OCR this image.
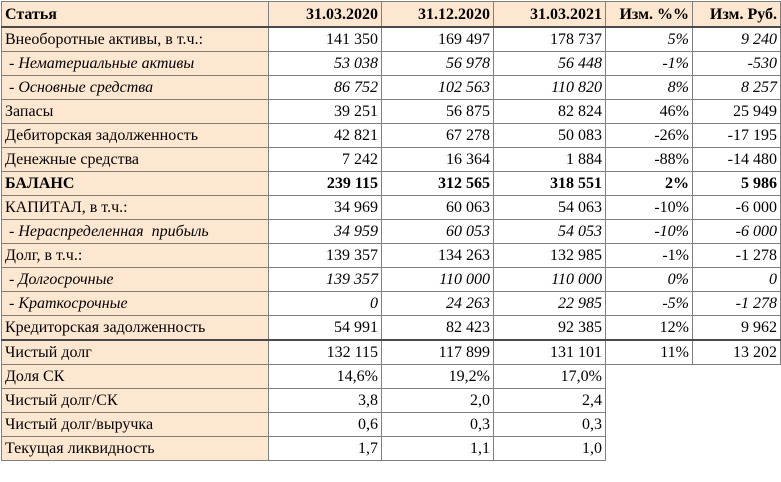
Статья	31.03.2020	31.12.2020	31.03.2021	Изм. %%	Изм. Руб.
Внеоборотные активы, в т.ч.:	141 350	169 497	178 737	5%	9 240
- Нематериальные активы	53 038	56 978	56 448	-1%	-530
- Основные средства	86 752	102 563	110 820	8%	8 257
Запасы	39 251	56 875	82 824	46%	25 949
Дебиторская задолженность	42 821	67 278	50 083	-26%	-17 195
Денежные средства	7 242	16 364	1 884	-88%	-14 480
БАЛАНС	239 115	312 565	318 551	2%	5 986
КАПИТАЛ, в т.ч.:	34 969	60 063	54 063	-10%	-6 000
- Нераспределенная  прибыль	34 959	60 053	54 053	-10%	-6 000
Долг, в т.ч.:	139 357	134 263	132 985	-1%	-1 278
- Долгосрочные	139 357	110 000	110 000	0%	0
- Краткосрочные	0	24 263	22 985	-5%	-1 278
Кредиторская задолженность	54 991	82 423	92 385	12%	9 962
Чистый долг	132 115	117 899	131 101	11%	13 202
Доля СК	14,6%	19,2%	17,0%		
Чистый долг/СК	3,8	2,0	2,4		
Чистый долг/выручка	0,6	0,3	0,3		
Текущая ликвидность	1,7	1,1	1,0		
